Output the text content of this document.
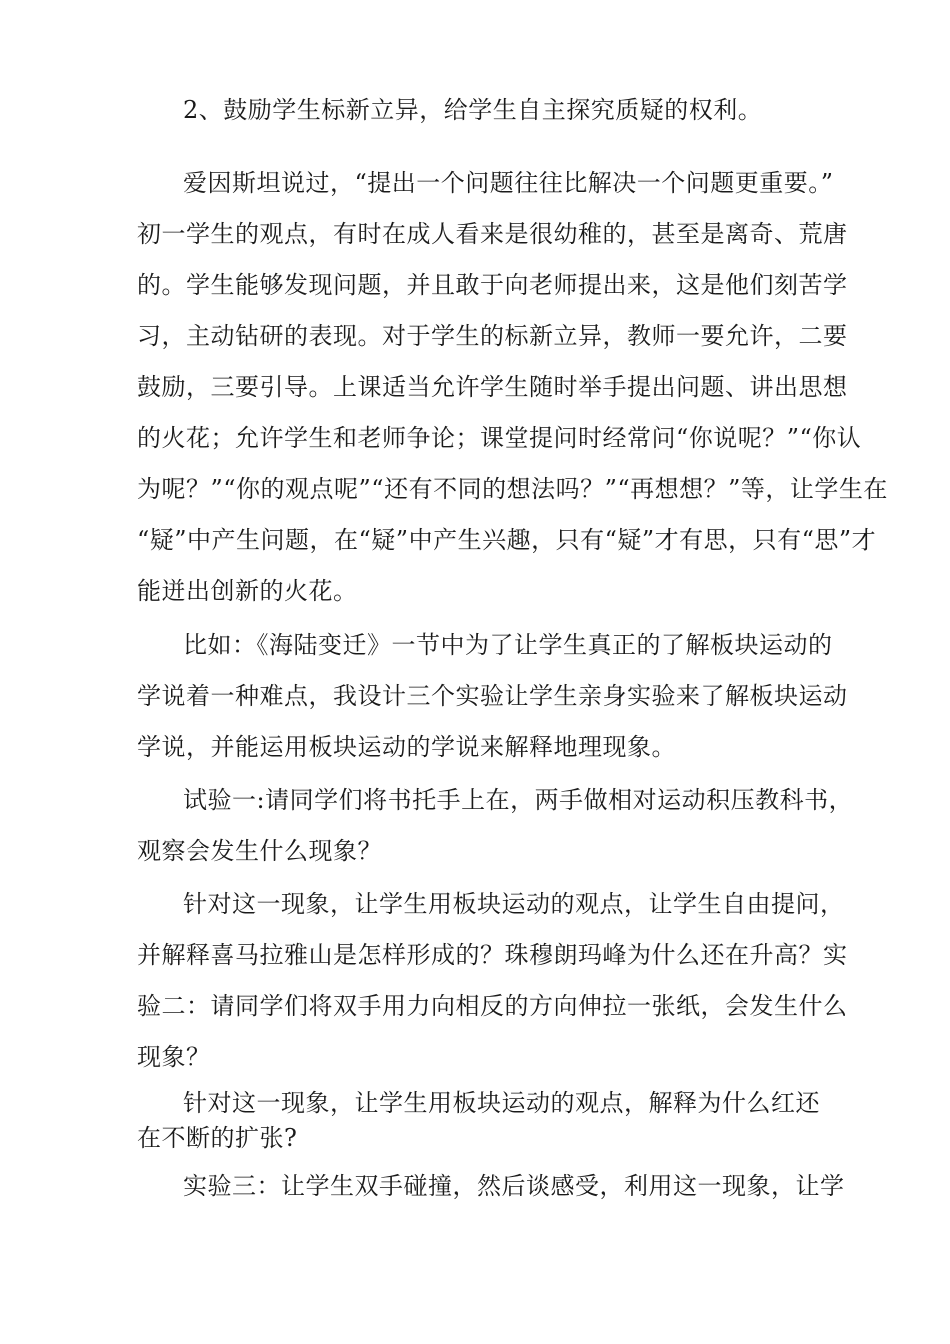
2、鼓励学生标新立异，给学生自主探究质疑的权利。
爱因斯坦说过，“提出一个问题往往比解决一个问题更重要。”
初一学生的观点，有时在成人看来是很幼稚的，甚至是离奇、荒唐
的。学生能够发现问题，并且敢于向老师提出来，这是他们刻苦学
习，主动钻研的表现。对于学生的标新立异，教师一要允许，二要
鼓励，三要引导。上课适当允许学生随时举手提出问题、讲出思想
的火花；允许学生和老师争论；课堂提问时经常问“你说呢？”“你认
为呢？”“你的观点呢”“还有不同的想法吗？”“再想想？”等，让学生在
“疑”中产生问题，在“疑”中产生兴趣，只有“疑”才有思，只有“思”才
能迸出创新的火花。
比如：《海陆变迁》一节中为了让学生真正的了解板块运动的
学说着一种难点，我设计三个实验让学生亲身实验来了解板块运动
学说，并能运用板块运动的学说来解释地理现象。
试验一:请同学们将书托手上在，两手做相对运动积压教科书，
观察会发生什么现象？
针对这一现象，让学生用板块运动的观点，让学生自由提问，
并解释喜马拉雅山是怎样形成的？珠穆朗玛峰为什么还在升高？实
验二：请同学们将双手用力向相反的方向伸拉一张纸，会发生什么
现象？
针对这一现象，让学生用板块运动的观点，解释为什么红还
在不断的扩张?
实验三：让学生双手碰撞，然后谈感受，利用这一现象，让学
